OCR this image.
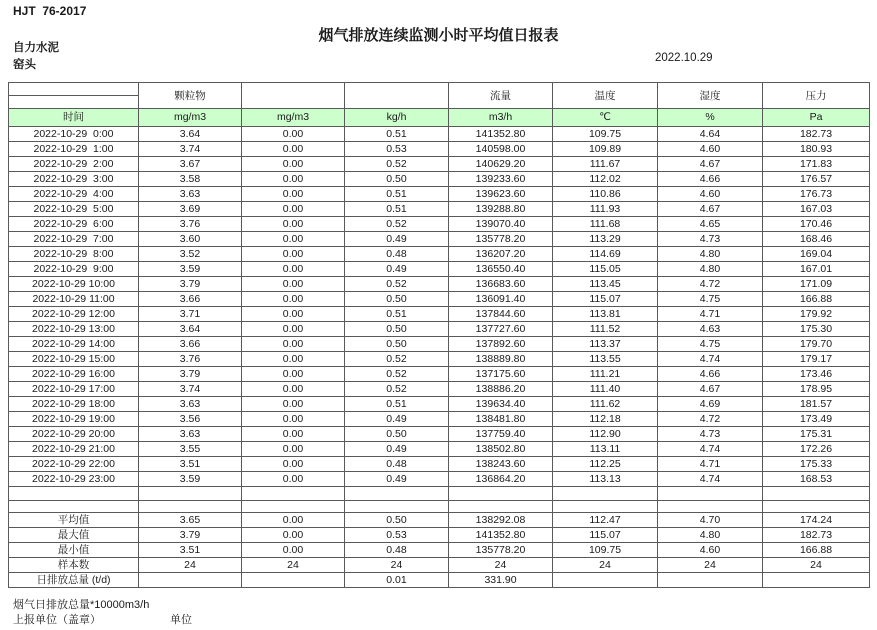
HJT  76-2017
烟气排放连续监测小时平均值日报表
自力水泥
窑头
2022.10.29
	颗粒物			流量	温度	湿度	压力

时间	mg/m3	mg/m3	kg/h	m3/h	℃	%	Pa
2022-10-29  0:00	3.64	0.00	0.51	141352.80	109.75	4.64	182.73
2022-10-29  1:00	3.74	0.00	0.53	140598.00	109.89	4.60	180.93
2022-10-29  2:00	3.67	0.00	0.52	140629.20	111.67	4.67	171.83
2022-10-29  3:00	3.58	0.00	0.50	139233.60	112.02	4.66	176.57
2022-10-29  4:00	3.63	0.00	0.51	139623.60	110.86	4.60	176.73
2022-10-29  5:00	3.69	0.00	0.51	139288.80	111.93	4.67	167.03
2022-10-29  6:00	3.76	0.00	0.52	139070.40	111.68	4.65	170.46
2022-10-29  7:00	3.60	0.00	0.49	135778.20	113.29	4.73	168.46
2022-10-29  8:00	3.52	0.00	0.48	136207.20	114.69	4.80	169.04
2022-10-29  9:00	3.59	0.00	0.49	136550.40	115.05	4.80	167.01
2022-10-29 10:00	3.79	0.00	0.52	136683.60	113.45	4.72	171.09
2022-10-29 11:00	3.66	0.00	0.50	136091.40	115.07	4.75	166.88
2022-10-29 12:00	3.71	0.00	0.51	137844.60	113.81	4.71	179.92
2022-10-29 13:00	3.64	0.00	0.50	137727.60	111.52	4.63	175.30
2022-10-29 14:00	3.66	0.00	0.50	137892.60	113.37	4.75	179.70
2022-10-29 15:00	3.76	0.00	0.52	138889.80	113.55	4.74	179.17
2022-10-29 16:00	3.79	0.00	0.52	137175.60	111.21	4.66	173.46
2022-10-29 17:00	3.74	0.00	0.52	138886.20	111.40	4.67	178.95
2022-10-29 18:00	3.63	0.00	0.51	139634.40	111.62	4.69	181.57
2022-10-29 19:00	3.56	0.00	0.49	138481.80	112.18	4.72	173.49
2022-10-29 20:00	3.63	0.00	0.50	137759.40	112.90	4.73	175.31
2022-10-29 21:00	3.55	0.00	0.49	138502.80	113.11	4.74	172.26
2022-10-29 22:00	3.51	0.00	0.48	138243.60	112.25	4.71	175.33
2022-10-29 23:00	3.59	0.00	0.49	136864.20	113.13	4.74	168.53

平均值	3.65	0.00	0.50	138292.08	112.47	4.70	174.24
最大值	3.79	0.00	0.53	141352.80	115.07	4.80	182.73
最小值	3.51	0.00	0.48	135778.20	109.75	4.60	166.88
样本数	24	24	24	24	24	24	24
日排放总量 (t/d)			0.01	331.90			
烟气日排放总量*10000m3/h
上报单位（盖章）	单位
